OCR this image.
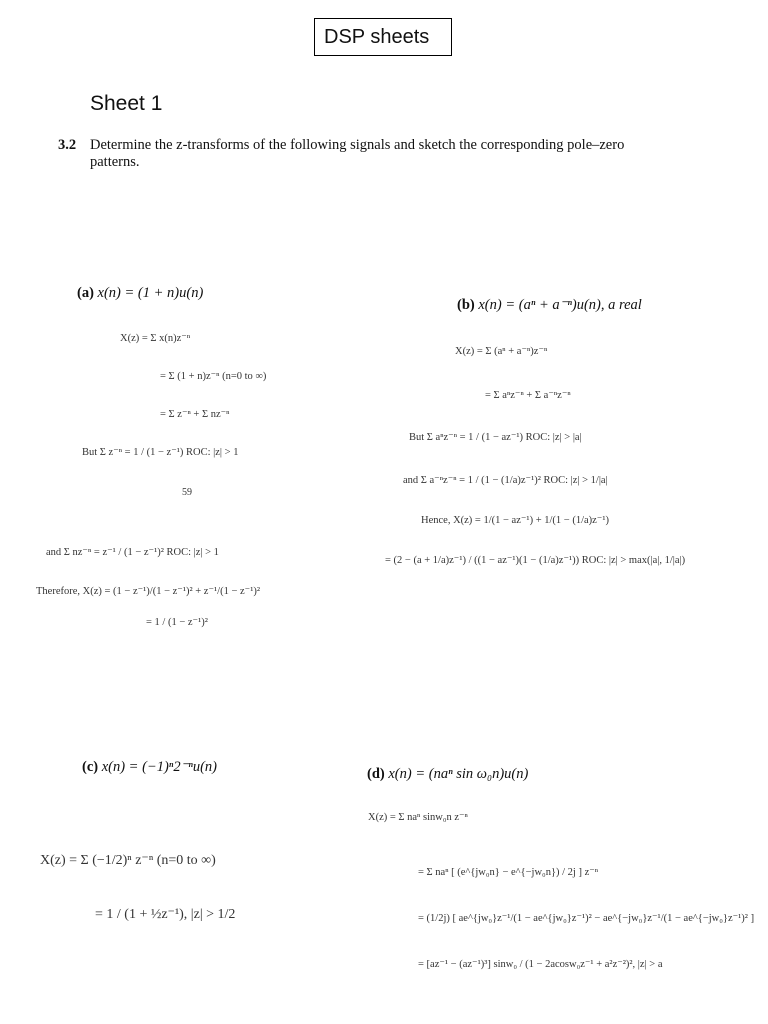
DSP sheets
Sheet 1
3.2 Determine the z-transforms of the following signals and sketch the corresponding pole–zero patterns.
(a) x(n) = (1 + n)u(n)
X(z) = Σ x(n)z⁻ⁿ
= Σ (1 + n)z⁻ⁿ (n=0 to ∞)
= Σ z⁻ⁿ + Σ nz⁻ⁿ
But Σ z⁻ⁿ = 1 / (1 − z⁻¹) ROC: |z| > 1
59
and Σ nz⁻ⁿ = z⁻¹ / (1 − z⁻¹)² ROC: |z| > 1
Therefore, X(z) = (1 − z⁻¹)/(1 − z⁻¹)² + z⁻¹/(1 − z⁻¹)²
= 1 / (1 − z⁻¹)²
(b) x(n) = (aⁿ + a⁻ⁿ)u(n), a real
X(z) = Σ (aⁿ + a⁻ⁿ)z⁻ⁿ
= Σ aⁿz⁻ⁿ + Σ a⁻ⁿz⁻ⁿ
But Σ aⁿz⁻ⁿ = 1 / (1 − az⁻¹) ROC: |z| > |a|
and Σ a⁻ⁿz⁻ⁿ = 1 / (1 − (1/a)z⁻¹)² ROC: |z| > 1/|a|
Hence, X(z) = 1/(1 − az⁻¹) + 1/(1 − (1/a)z⁻¹)
= (2 − (a + 1/a)z⁻¹) / ((1 − az⁻¹)(1 − (1/a)z⁻¹)) ROC: |z| > max(|a|, 1/|a|)
(c) x(n) = (−1)ⁿ2⁻ⁿu(n)
X(z) = Σ (−1/2)ⁿ z⁻ⁿ (n=0 to ∞)
= 1 / (1 + ½z⁻¹), |z| > 1/2
(d) x(n) = (naⁿ sin ω₀n)u(n)
X(z) = Σ naⁿ sinw₀n z⁻ⁿ
= Σ naⁿ [ (e^{jw₀n} − e^{−jw₀n}) / 2j ] z⁻ⁿ
= (1/2j) [ ae^{jw₀}z⁻¹/(1 − ae^{jw₀}z⁻¹)² − ae^{−jw₀}z⁻¹/(1 − ae^{−jw₀}z⁻¹)² ]
= [az⁻¹ − (az⁻¹)³] sinw₀ / (1 − 2acosw₀z⁻¹ + a²z⁻²)², |z| > a
